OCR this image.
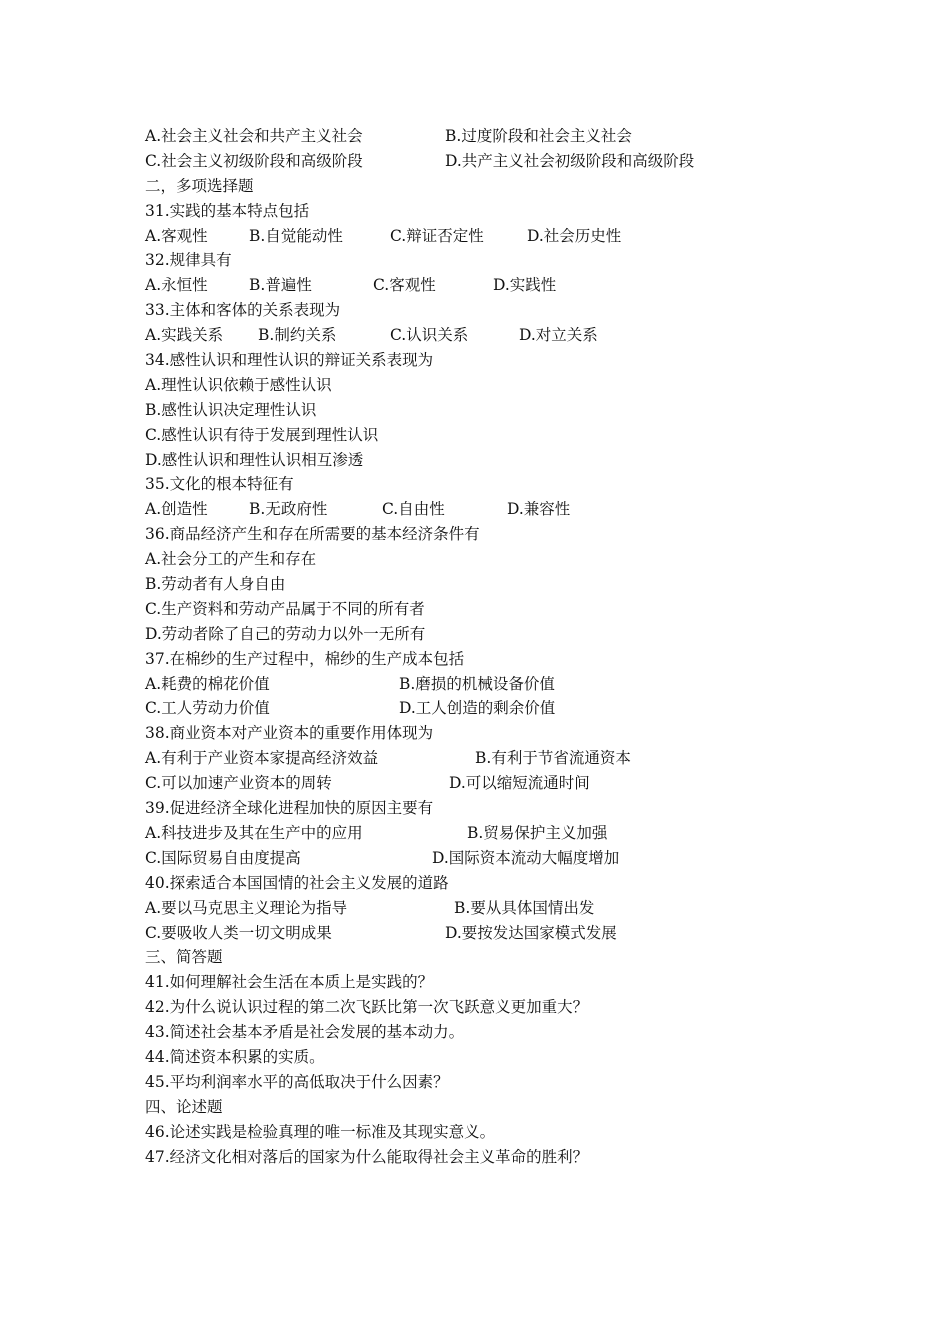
A.社会主义社会和共产主义社会	B.过度阶段和社会主义社会
C.社会主义初级阶段和高级阶段	D.共产主义社会初级阶段和高级阶段
二，多项选择题
31.实践的基本特点包括
A.客观性	B.自觉能动性	C.辩证否定性	D.社会历史性
32.规律具有
A.永恒性	B.普遍性	C.客观性	D.实践性
33.主体和客体的关系表现为
A.实践关系 B.制约关系	C.认识关系	D.对立关系
34.感性认识和理性认识的辩证关系表现为
A.理性认识依赖于感性认识
B.感性认识决定理性认识
C.感性认识有待于发展到理性认识
D.感性认识和理性认识相互渗透
35.文化的根本特征有
A.创造性	B.无政府性	C.自由性	D.兼容性
36.商品经济产生和存在所需要的基本经济条件有
A.社会分工的产生和存在
B.劳动者有人身自由
C.生产资料和劳动产品属于不同的所有者
D.劳动者除了自己的劳动力以外一无所有
37.在棉纱的生产过程中，棉纱的生产成本包括
A.耗费的棉花价值	B.磨损的机械设备价值
C.工人劳动力价值	D.工人创造的剩余价值
38.商业资本对产业资本的重要作用体现为
A.有利于产业资本家提高经济效益	B.有利于节省流通资本
C.可以加速产业资本的周转	D.可以缩短流通时间
39.促进经济全球化进程加快的原因主要有
A.科技进步及其在生产中的应用	B.贸易保护主义加强
C.国际贸易自由度提高	D.国际资本流动大幅度增加
40.探索适合本国国情的社会主义发展的道路
A.要以马克思主义理论为指导	B.要从具体国情出发
C.要吸收人类一切文明成果	D.要按发达国家模式发展
三、简答题
41.如何理解社会生活在本质上是实践的？
42.为什么说认识过程的第二次飞跃比第一次飞跃意义更加重大？
43.简述社会基本矛盾是社会发展的基本动力。
44.简述资本积累的实质。
45.平均利润率水平的高低取决于什么因素？
四、论述题
46.论述实践是检验真理的唯一标准及其现实意义。
47.经济文化相对落后的国家为什么能取得社会主义革命的胜利？
